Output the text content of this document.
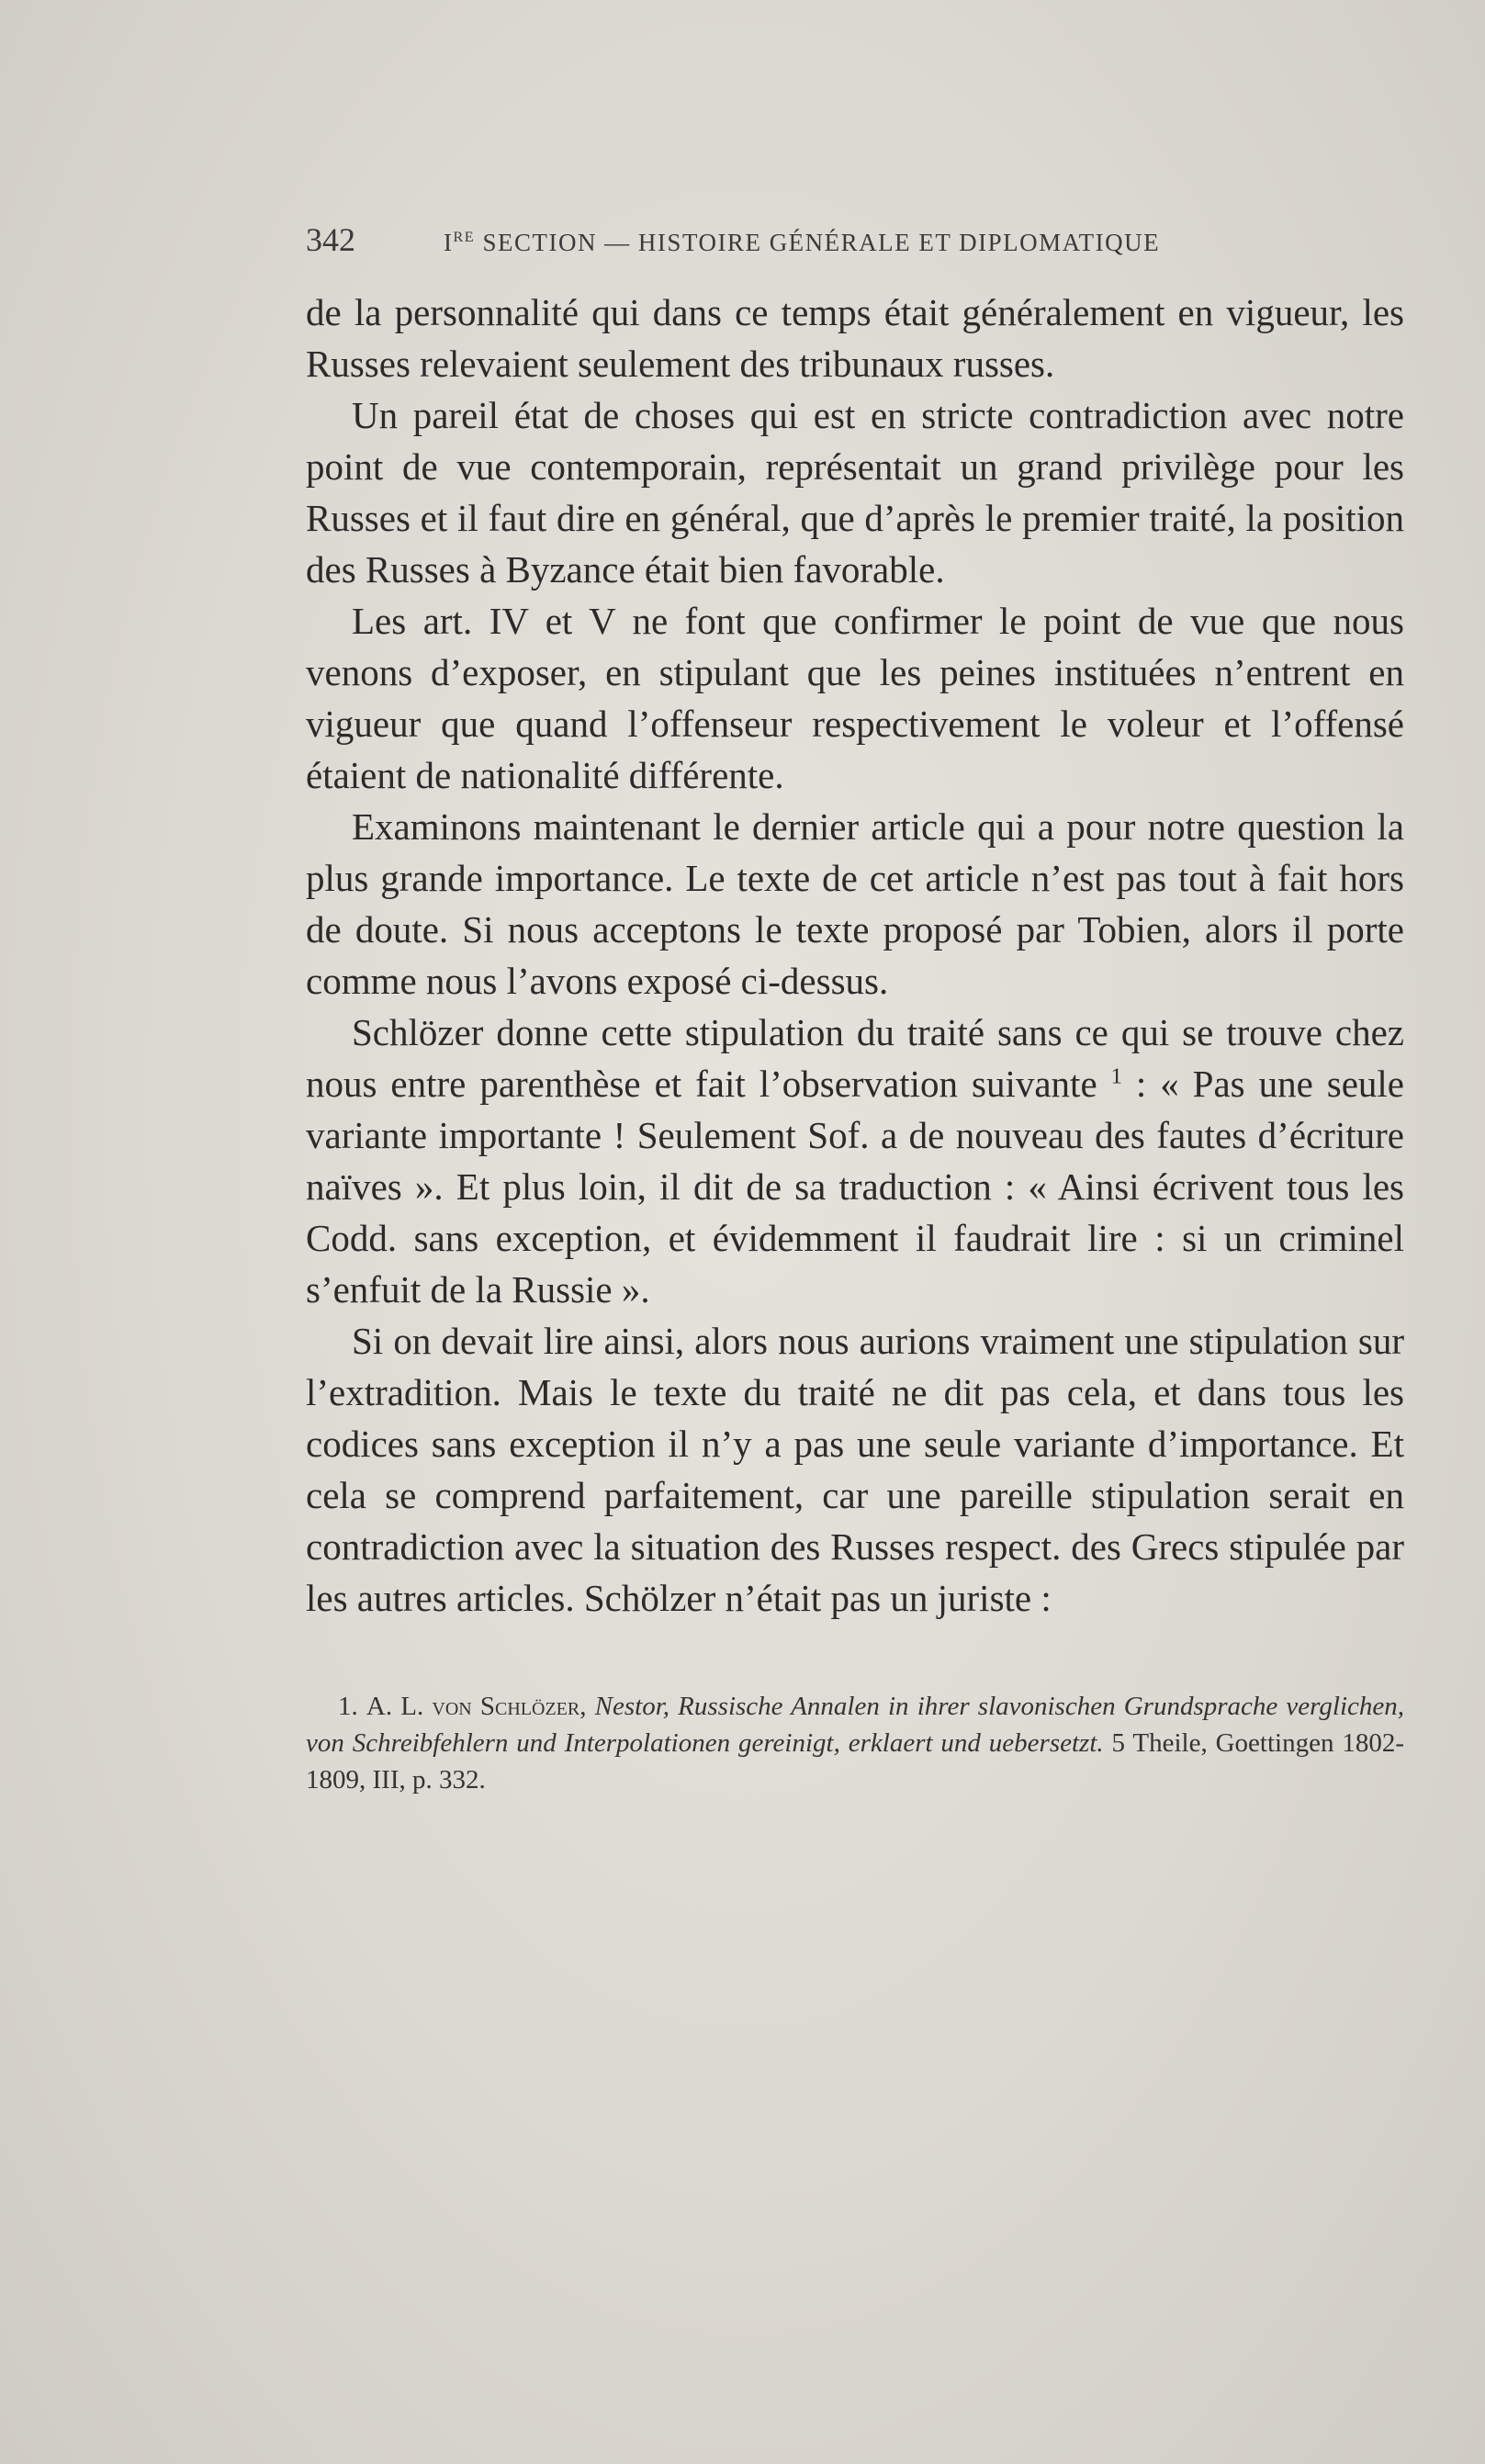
342	IRE SECTION — HISTOIRE GÉNÉRALE ET DIPLOMATIQUE

de la personnalité qui dans ce temps était généralement en vigueur, les Russes relevaient seulement des tribunaux russes.

Un pareil état de choses qui est en stricte contradiction avec notre point de vue contemporain, représentait un grand privilège pour les Russes et il faut dire en général, que d’après le premier traité, la position des Russes à Byzance était bien favorable.

Les art. IV et V ne font que confirmer le point de vue que nous venons d’exposer, en stipulant que les peines instituées n’entrent en vigueur que quand l’offenseur respectivement le voleur et l’offensé étaient de nationalité différente.

Examinons maintenant le dernier article qui a pour notre question la plus grande importance. Le texte de cet article n’est pas tout à fait hors de doute. Si nous acceptons le texte proposé par Tobien, alors il porte comme nous l’avons exposé ci-dessus.

Schlözer donne cette stipulation du traité sans ce qui se trouve chez nous entre parenthèse et fait l’observation suivante $^1$ : « Pas une seule variante importante ! Seulement Sof. a de nouveau des fautes d’écriture naïves ». Et plus loin, il dit de sa traduction : « Ainsi écrivent tous les Codd. sans exception, et évidemment il faudrait lire : si un criminel s’enfuit de la Russie ».

Si on devait lire ainsi, alors nous aurions vraiment une stipulation sur l’extradition. Mais le texte du traité ne dit pas cela, et dans tous les codices sans exception il n’y a pas une seule variante d’importance. Et cela se comprend parfaitement, car une pareille stipulation serait en contradiction avec la situation des Russes respect. des Grecs stipulée par les autres articles. Schölzer n’était pas un juriste :

1. A. L. von Schlözer, Nestor, Russische Annalen in ihrer slavonischen Grundsprache verglichen, von Schreibfehlern und Interpolationen gereinigt, erklaert und uebersetzt. 5 Theile, Goettingen 1802-1809, III, p. 332.
